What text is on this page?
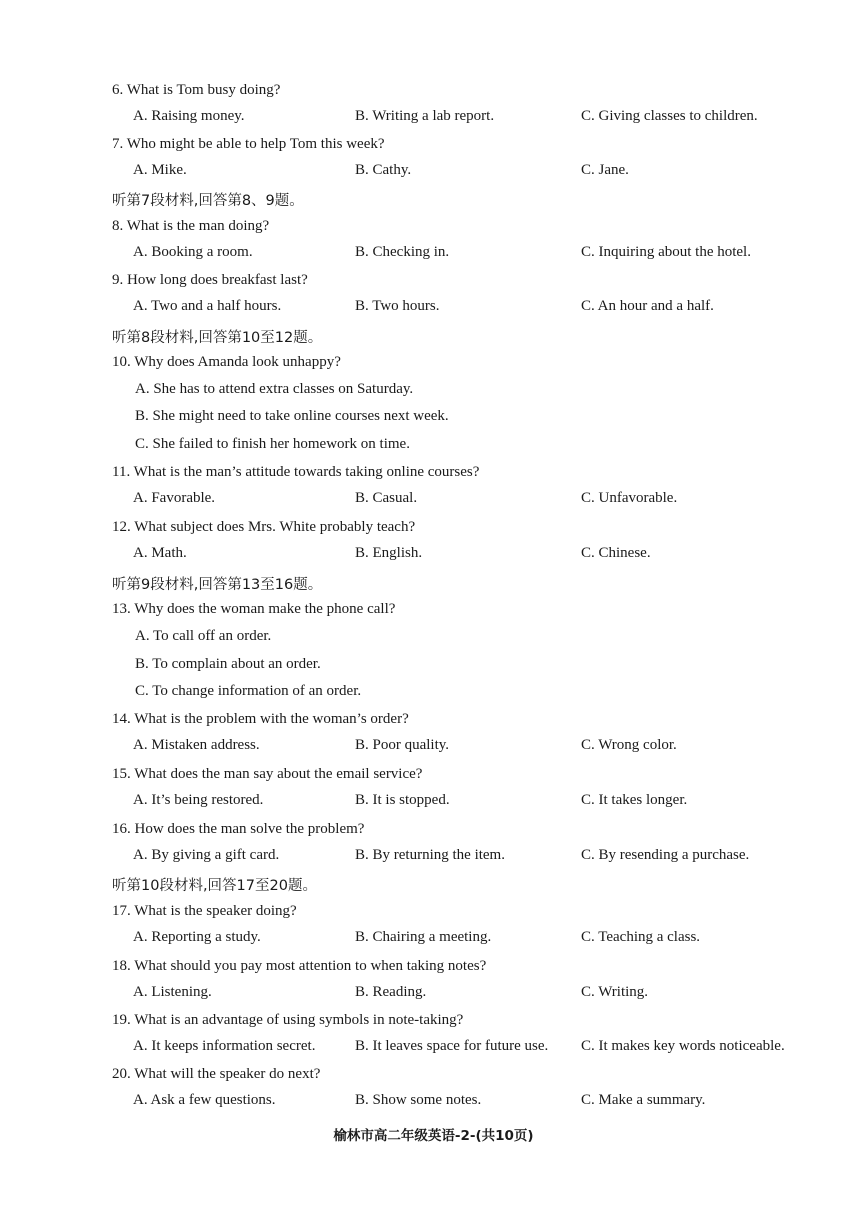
6. What is Tom busy doing?
A. Raising money.	B. Writing a lab report.	C. Giving classes to children.
7. Who might be able to help Tom this week?
A. Mike.	B. Cathy.	C. Jane.
听第7段材料,回答第8、9题。
8. What is the man doing?
A. Booking a room.	B. Checking in.	C. Inquiring about the hotel.
9. How long does breakfast last?
A. Two and a half hours.	B. Two hours.	C. An hour and a half.
听第8段材料,回答第10至12题。
10. Why does Amanda look unhappy?
A. She has to attend extra classes on Saturday.
B. She might need to take online courses next week.
C. She failed to finish her homework on time.
11. What is the man’s attitude towards taking online courses?
A. Favorable.	B. Casual.	C. Unfavorable.
12. What subject does Mrs. White probably teach?
A. Math.	B. English.	C. Chinese.
听第9段材料,回答第13至16题。
13. Why does the woman make the phone call?
A. To call off an order.
B. To complain about an order.
C. To change information of an order.
14. What is the problem with the woman’s order?
A. Mistaken address.	B. Poor quality.	C. Wrong color.
15. What does the man say about the email service?
A. It’s being restored.	B. It is stopped.	C. It takes longer.
16. How does the man solve the problem?
A. By giving a gift card.	B. By returning the item.	C. By resending a purchase.
听第10段材料,回答17至20题。
17. What is the speaker doing?
A. Reporting a study.	B. Chairing a meeting.	C. Teaching a class.
18. What should you pay most attention to when taking notes?
A. Listening.	B. Reading.	C. Writing.
19. What is an advantage of using symbols in note-taking?
A. It keeps information secret.	B. It leaves space for future use. C. It makes key words noticeable.
20. What will the speaker do next?
A. Ask a few questions.	B. Show some notes.	C. Make a summary.
榆林市高二年级英语-2-(共10页)
